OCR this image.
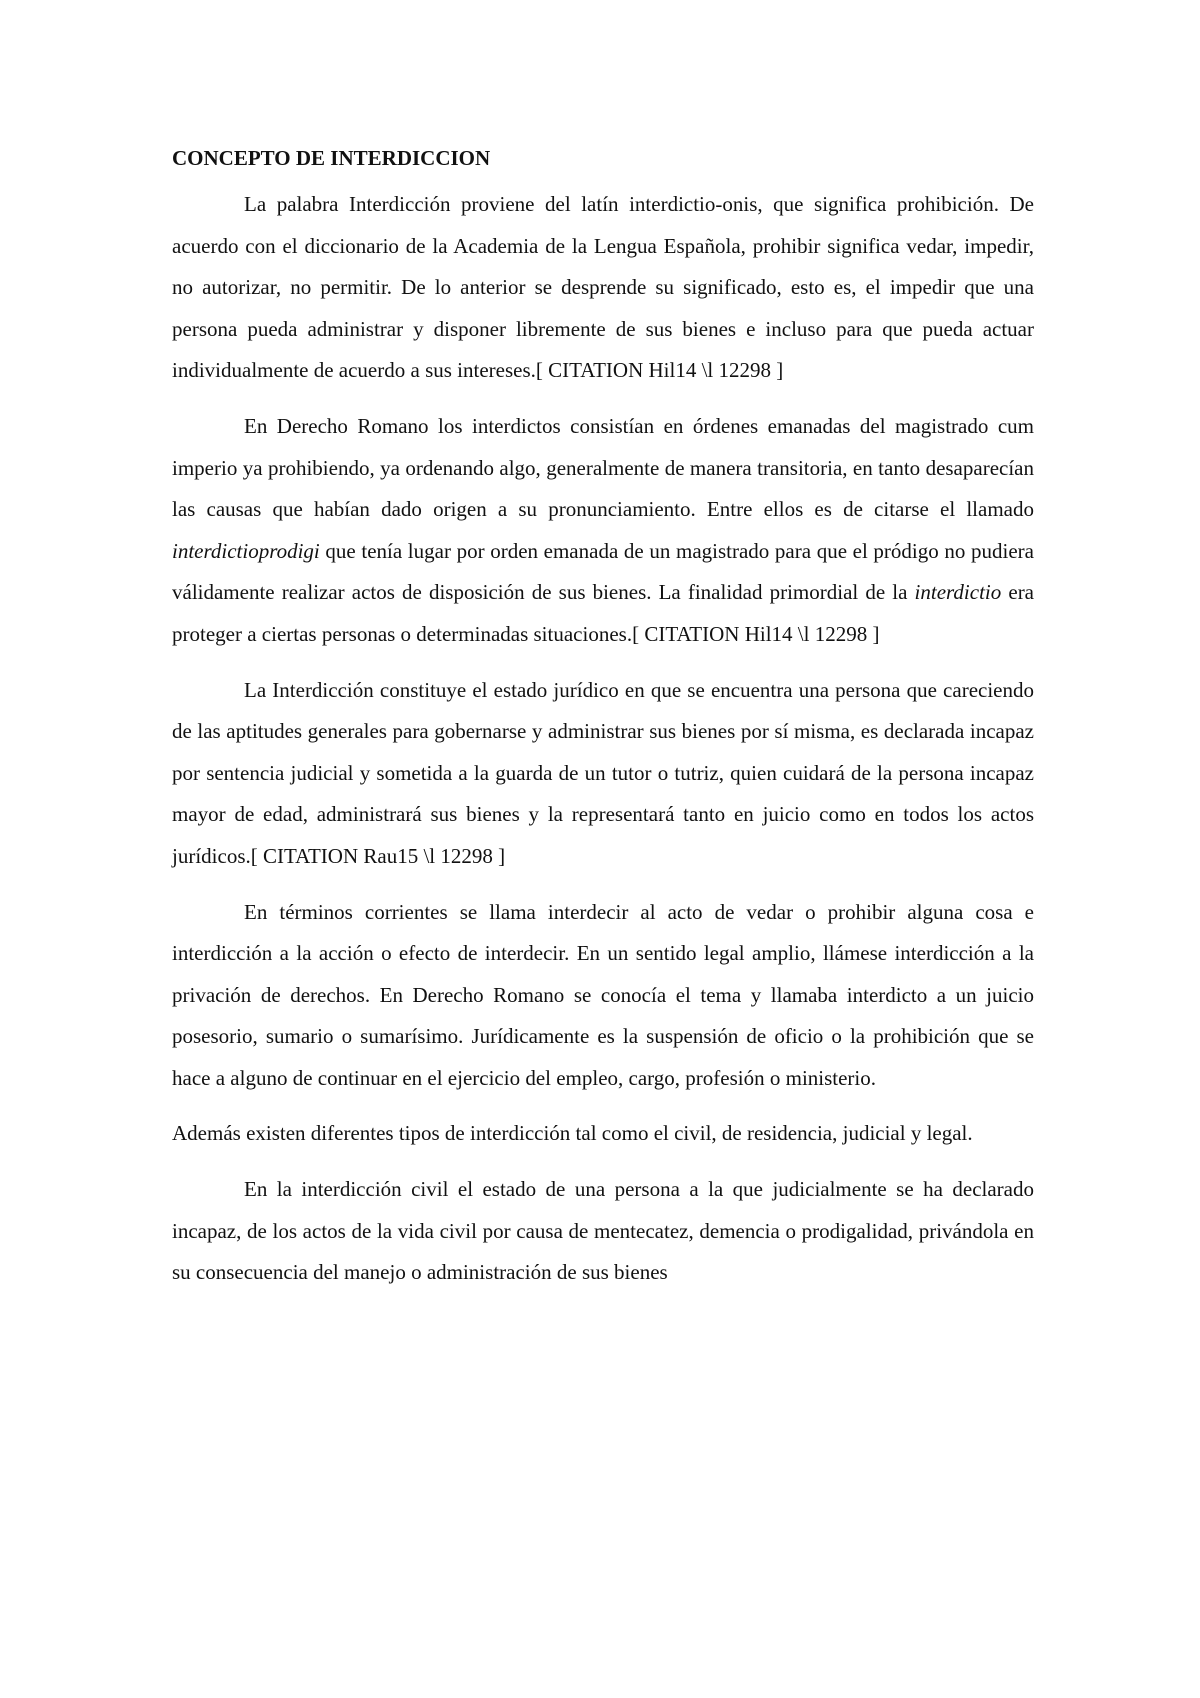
CONCEPTO DE INTERDICCION

La palabra Interdicción proviene del latín interdictio-onis, que significa prohibición. De acuerdo con el diccionario de la Academia de la Lengua Española, prohibir significa vedar, impedir, no autorizar, no permitir. De lo anterior se desprende su significado, esto es, el impedir que una persona pueda administrar y disponer libremente de sus bienes e incluso para que pueda actuar individualmente de acuerdo a sus intereses.[ CITATION Hil14 \l 12298 ]

En Derecho Romano los interdictos consistían en órdenes emanadas del magistrado cum imperio ya prohibiendo, ya ordenando algo, generalmente de manera transitoria, en tanto desaparecían las causas que habían dado origen a su pronunciamiento. Entre ellos es de citarse el llamado interdictioprodigi que tenía lugar por orden emanada de un magistrado para que el pródigo no pudiera válidamente realizar actos de disposición de sus bienes. La finalidad primordial de la interdictio era proteger a ciertas personas o determinadas situaciones.[ CITATION Hil14 \l 12298 ]

La Interdicción constituye el estado jurídico en que se encuentra una persona que careciendo de las aptitudes generales para gobernarse y administrar sus bienes por sí misma, es declarada incapaz por sentencia judicial y sometida a la guarda de un tutor o tutriz, quien cuidará de la persona incapaz mayor de edad, administrará sus bienes y la representará tanto en juicio como en todos los actos jurídicos.[ CITATION Rau15 \l 12298 ]

En términos corrientes se llama interdecir al acto de vedar o prohibir alguna cosa e interdicción a la acción o efecto de interdecir. En un sentido legal amplio, llámese interdicción a la privación de derechos. En Derecho Romano se conocía el tema y llamaba interdicto a un juicio posesorio, sumario o sumarísimo. Jurídicamente es la suspensión de oficio o la prohibición que se hace a alguno de continuar en el ejercicio del empleo, cargo, profesión o ministerio.

Además existen diferentes tipos de interdicción tal como el civil, de residencia, judicial y legal.

En la interdicción civil el estado de una persona a la que judicialmente se ha declarado incapaz, de los actos de la vida civil por causa de mentecatez, demencia o prodigalidad, privándola en su consecuencia del manejo o administración de sus bienes
